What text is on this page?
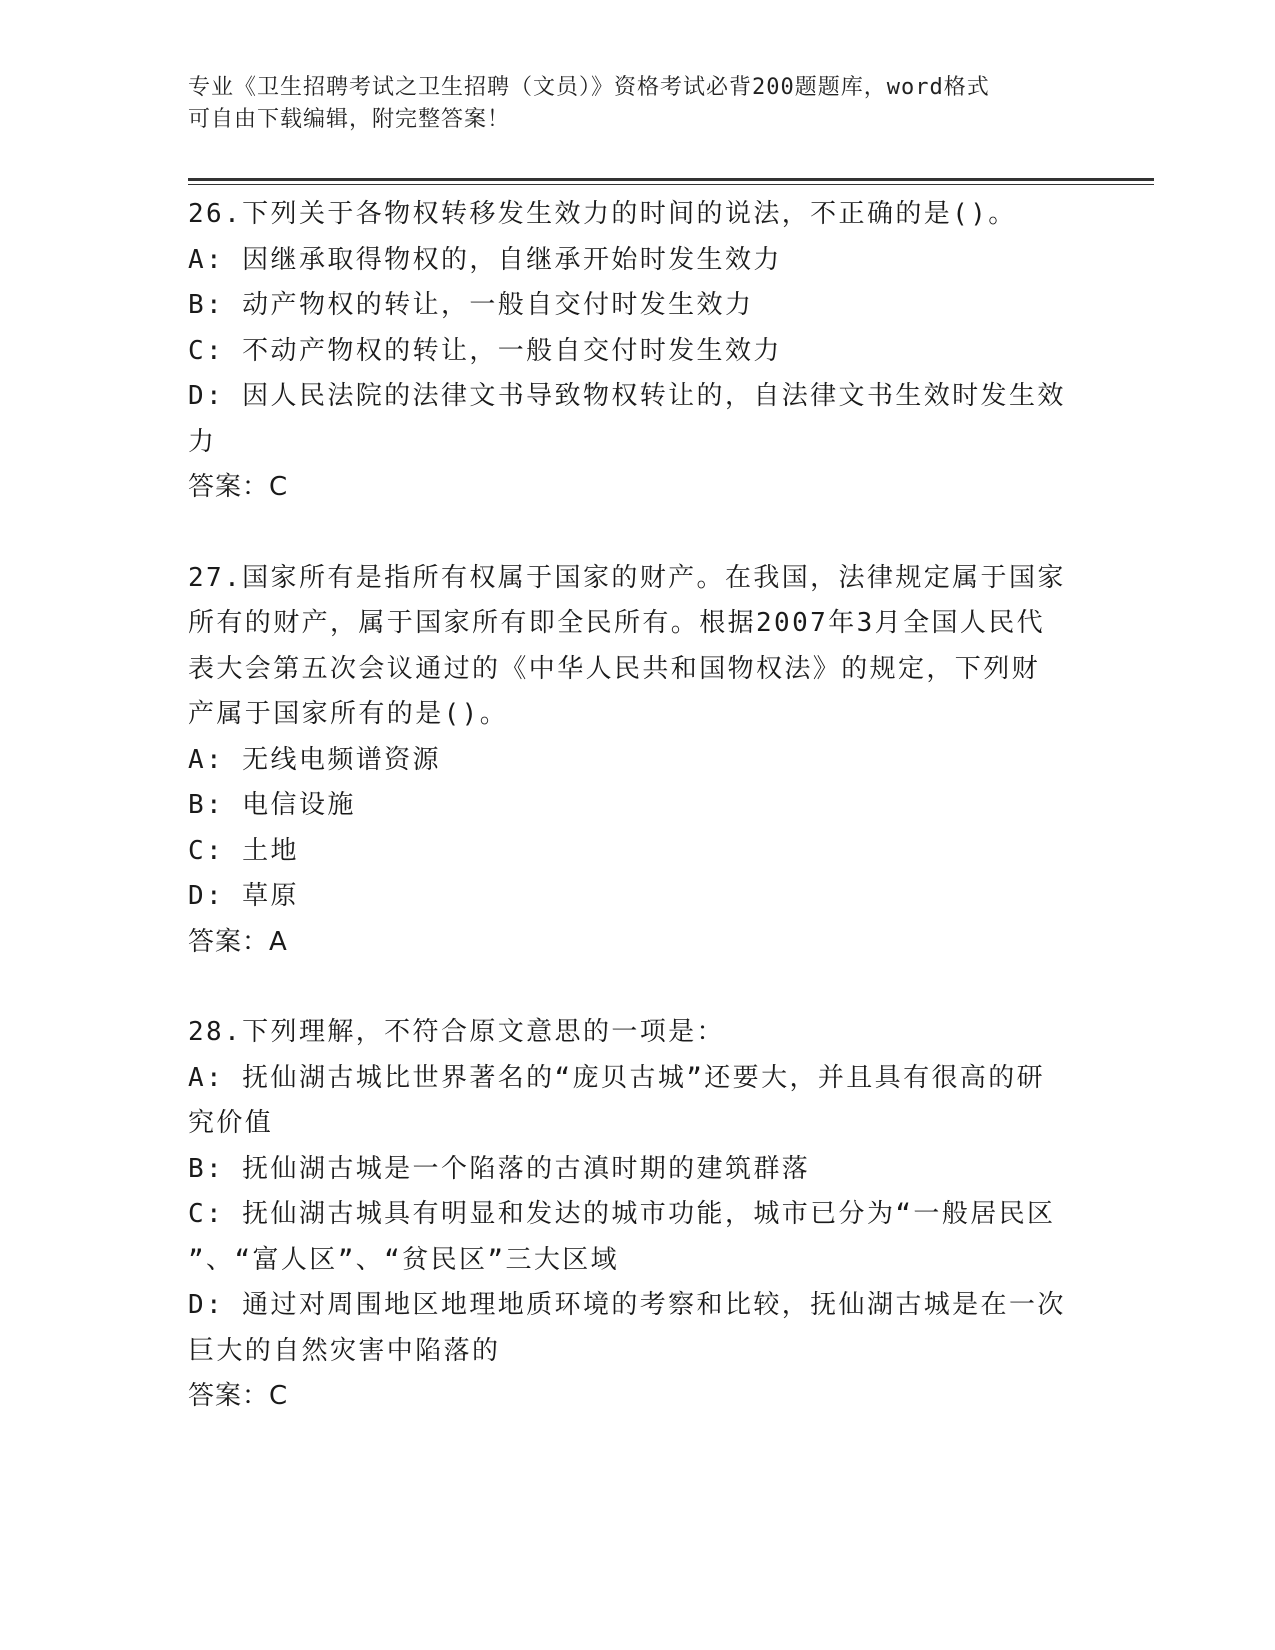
专业《卫生招聘考试之卫生招聘（文员）》资格考试必背200题题库，word格式
可自由下载编辑，附完整答案！
26.下列关于各物权转移发生效力的时间的说法，不正确的是()。
A: 因继承取得物权的，自继承开始时发生效力
B: 动产物权的转让，一般自交付时发生效力
C: 不动产物权的转让，一般自交付时发生效力
D: 因人民法院的法律文书导致物权转让的，自法律文书生效时发生效
力
答案：C
27.国家所有是指所有权属于国家的财产。在我国，法律规定属于国家
所有的财产，属于国家所有即全民所有。根据2007年3月全国人民代
表大会第五次会议通过的《中华人民共和国物权法》的规定，下列财
产属于国家所有的是()。
A: 无线电频谱资源
B: 电信设施
C: 土地
D: 草原
答案：A
28.下列理解，不符合原文意思的一项是：
A: 抚仙湖古城比世界著名的“庞贝古城”还要大，并且具有很高的研
究价值
B: 抚仙湖古城是一个陷落的古滇时期的建筑群落
C: 抚仙湖古城具有明显和发达的城市功能，城市已分为“一般居民区
”、“富人区”、“贫民区”三大区域
D: 通过对周围地区地理地质环境的考察和比较，抚仙湖古城是在一次
巨大的自然灾害中陷落的
答案：C
